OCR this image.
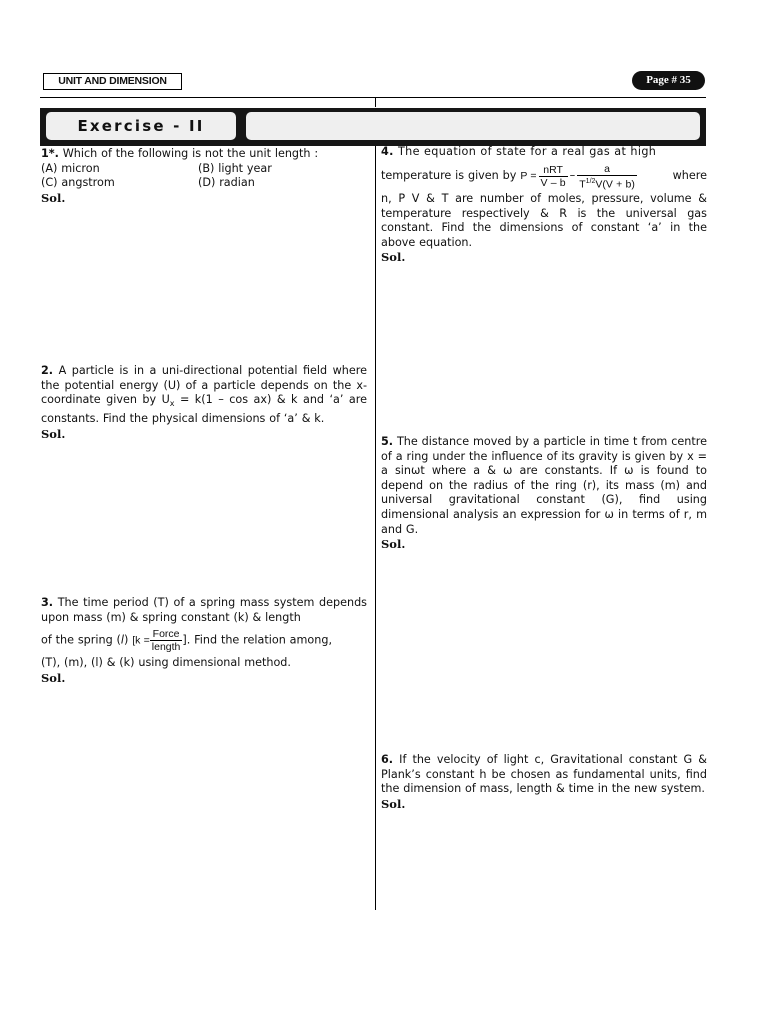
UNIT AND DIMENSION	Page # 35
Exercise - II
1*. Which of the following is not the unit length :
(A) micron	(B) light year
(C) angstrom	(D) radian
Sol.
2. A particle is in a uni-directional potential field where the potential energy (U) of a particle depends on the x-coordinate given by $U_x = k(1 - \cos ax)$ & k and ‘a’ are constants. Find the physical dimensions of ‘a’ & k.
Sol.
3. The time period (T) of a spring mass system depends upon mass (m) & spring constant (k) & length
of the spring (l) [$k = \frac{\text{Force}}{\text{length}}$ ]. Find the relation among,
(T), (m), (l) & (k) using dimensional method.
Sol.
4. The equation of state for a real gas at high
temperature is given by $P = \frac{\text{nRT}}{V - b} - \frac{a}{T^{1/2}V(V + b)}$	where
n, P V & T are number of moles, pressure, volume & temperature respectively & R is the universal gas constant. Find the dimensions of constant ‘a’ in the above equation.
Sol.
5. The distance moved by a particle in time t from centre of a ring under the influence of its gravity is given by x = a sinωt where a & ω are constants. If ω is found to depend on the radius of the ring (r), its mass (m) and universal gravitational constant (G), find using dimensional analysis an expression for ω in terms of r, m and G.
Sol.
6. If the velocity of light c, Gravitational constant G & Plank’s constant h be chosen as fundamental units, find the dimension of mass, length & time in the new system.
Sol.
